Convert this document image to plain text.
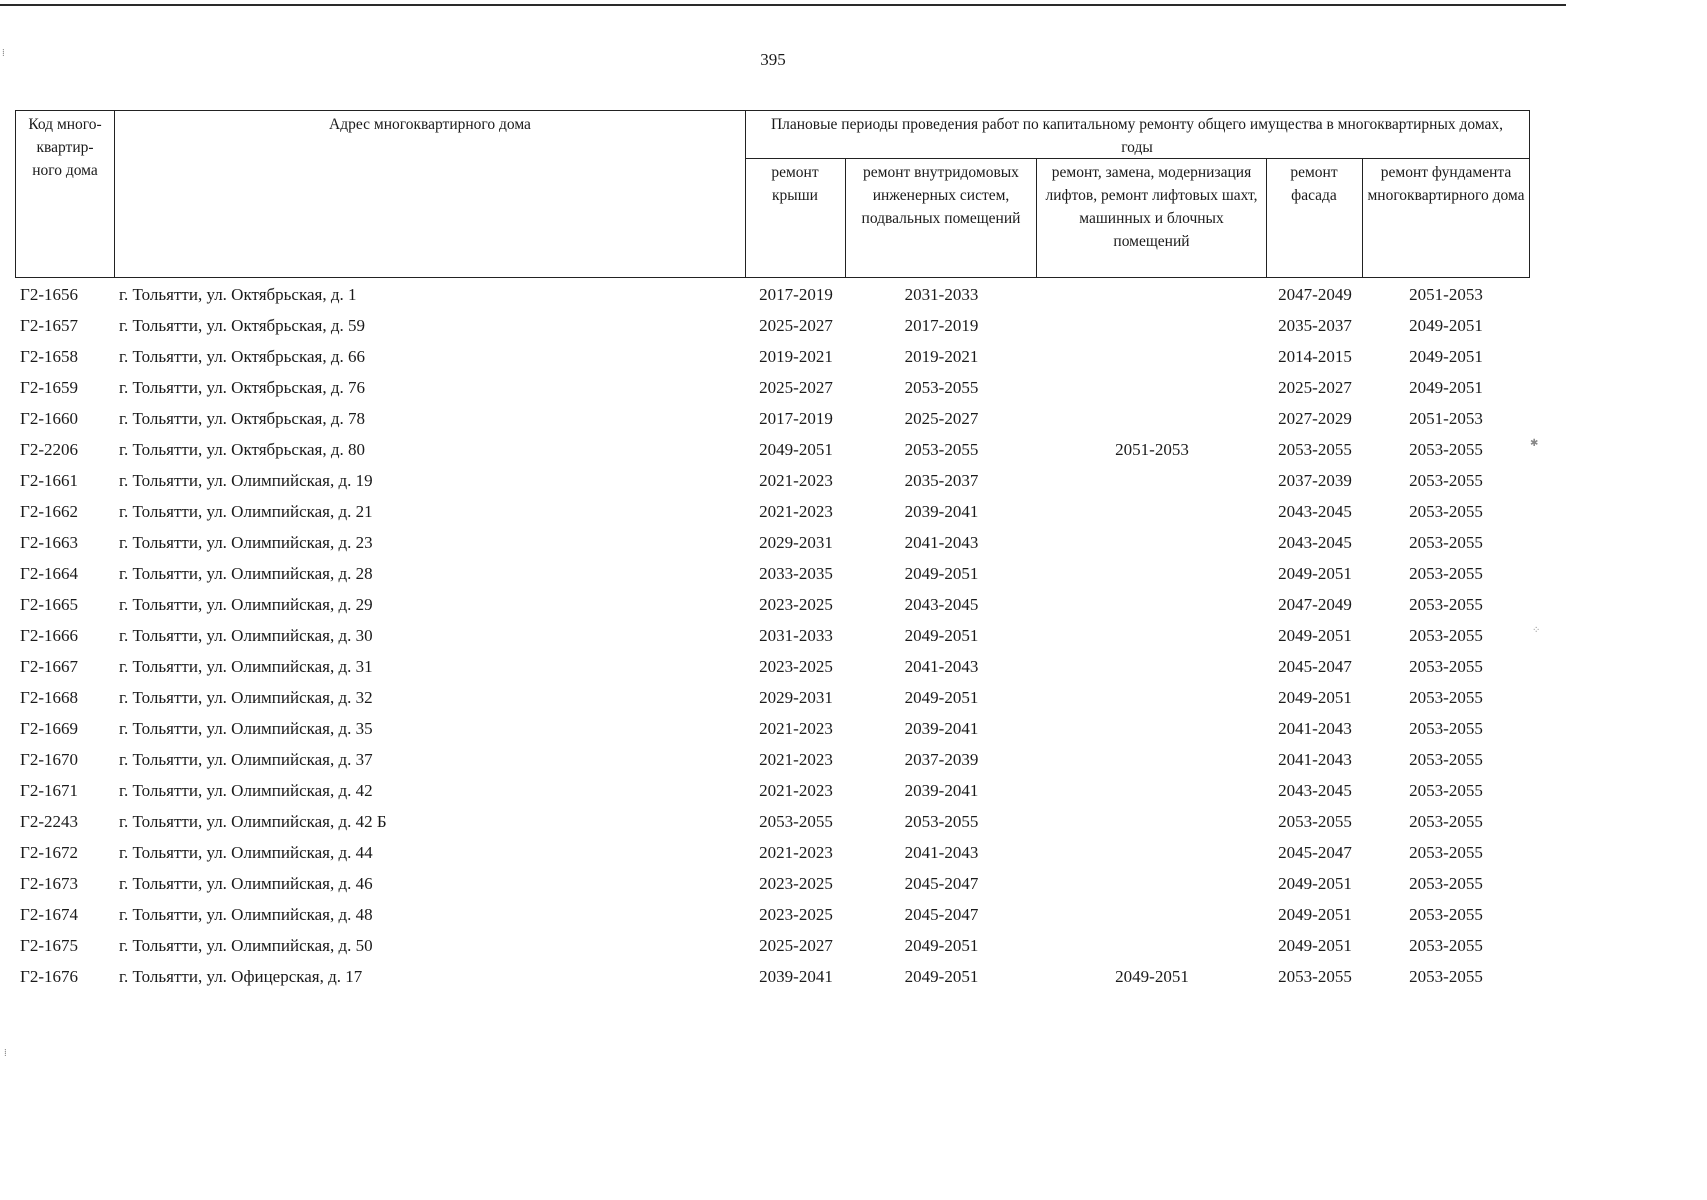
395
Код много-
квартир-
ного дома
Адрес многоквартирного дома	Плановые периоды проведения работ по капитальному ремонту общего имущества в многоквартирных домах, годы
ремонт крыши
ремонт внутридомовых инженерных систем, подвальных помещений
ремонт, замена, модернизация лифтов, ремонт лифтовых шахт, машинных и блочных помещений
ремонт фасада
ремонт фундамента многоквартирного дома
Г2-1656	г. Тольятти, ул. Октябрьская, д. 1	2017-2019	2031-2033		2047-2049	2051-2053
Г2-1657	г. Тольятти, ул. Октябрьская, д. 59	2025-2027	2017-2019		2035-2037	2049-2051
Г2-1658	г. Тольятти, ул. Октябрьская, д. 66	2019-2021	2019-2021		2014-2015	2049-2051
Г2-1659	г. Тольятти, ул. Октябрьская, д. 76	2025-2027	2053-2055		2025-2027	2049-2051
Г2-1660	г. Тольятти, ул. Октябрьская, д. 78	2017-2019	2025-2027		2027-2029	2051-2053
Г2-2206	г. Тольятти, ул. Октябрьская, д. 80	2049-2051	2053-2055	2051-2053	2053-2055	2053-2055
Г2-1661	г. Тольятти, ул. Олимпийская, д. 19	2021-2023	2035-2037		2037-2039	2053-2055
Г2-1662	г. Тольятти, ул. Олимпийская, д. 21	2021-2023	2039-2041		2043-2045	2053-2055
Г2-1663	г. Тольятти, ул. Олимпийская, д. 23	2029-2031	2041-2043		2043-2045	2053-2055
Г2-1664	г. Тольятти, ул. Олимпийская, д. 28	2033-2035	2049-2051		2049-2051	2053-2055
Г2-1665	г. Тольятти, ул. Олимпийская, д. 29	2023-2025	2043-2045		2047-2049	2053-2055
Г2-1666	г. Тольятти, ул. Олимпийская, д. 30	2031-2033	2049-2051		2049-2051	2053-2055
Г2-1667	г. Тольятти, ул. Олимпийская, д. 31	2023-2025	2041-2043		2045-2047	2053-2055
Г2-1668	г. Тольятти, ул. Олимпийская, д. 32	2029-2031	2049-2051		2049-2051	2053-2055
Г2-1669	г. Тольятти, ул. Олимпийская, д. 35	2021-2023	2039-2041		2041-2043	2053-2055
Г2-1670	г. Тольятти, ул. Олимпийская, д. 37	2021-2023	2037-2039		2041-2043	2053-2055
Г2-1671	г. Тольятти, ул. Олимпийская, д. 42	2021-2023	2039-2041		2043-2045	2053-2055
Г2-2243	г. Тольятти, ул. Олимпийская, д. 42 Б	2053-2055	2053-2055		2053-2055	2053-2055
Г2-1672	г. Тольятти, ул. Олимпийская, д. 44	2021-2023	2041-2043		2045-2047	2053-2055
Г2-1673	г. Тольятти, ул. Олимпийская, д. 46	2023-2025	2045-2047		2049-2051	2053-2055
Г2-1674	г. Тольятти, ул. Олимпийская, д. 48	2023-2025	2045-2047		2049-2051	2053-2055
Г2-1675	г. Тольятти, ул. Олимпийская, д. 50	2025-2027	2049-2051		2049-2051	2053-2055
Г2-1676	г. Тольятти, ул. Офицерская, д. 17	2039-2041	2049-2051	2049-2051	2053-2055	2053-2055
⁞
✱
⁘
⁞
